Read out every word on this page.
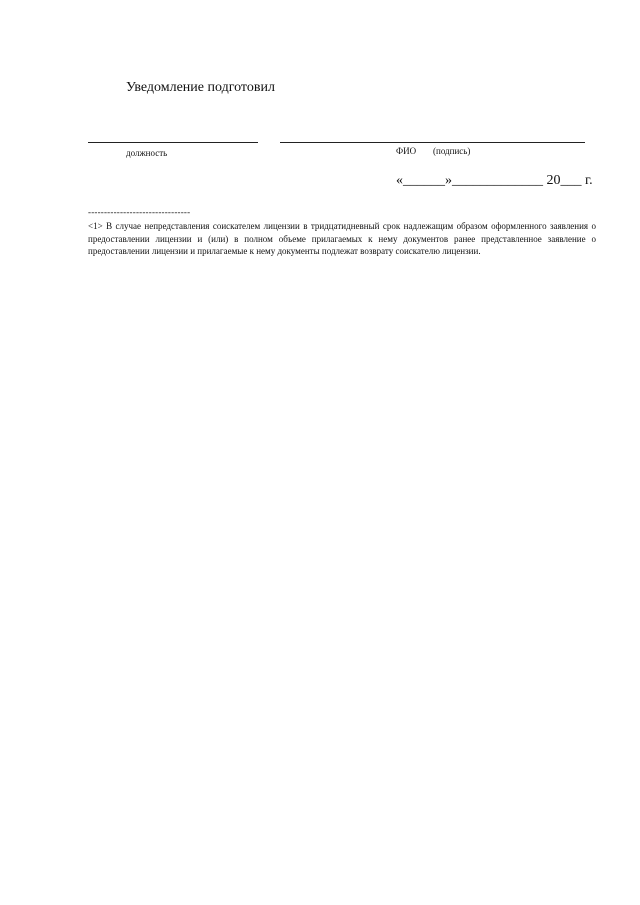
Уведомление подготовил
должность	ФИО (подпись)
«______»_____________ 20___ г.
--------------------------------
<1> В случае непредставления соискателем лицензии в тридцатидневный срок надлежащим образом оформленного заявления о предоставлении лицензии и (или) в полном объеме прилагаемых к нему документов ранее представленное заявление о предоставлении лицензии и прилагаемые к нему документы подлежат возврату соискателю лицензии.
